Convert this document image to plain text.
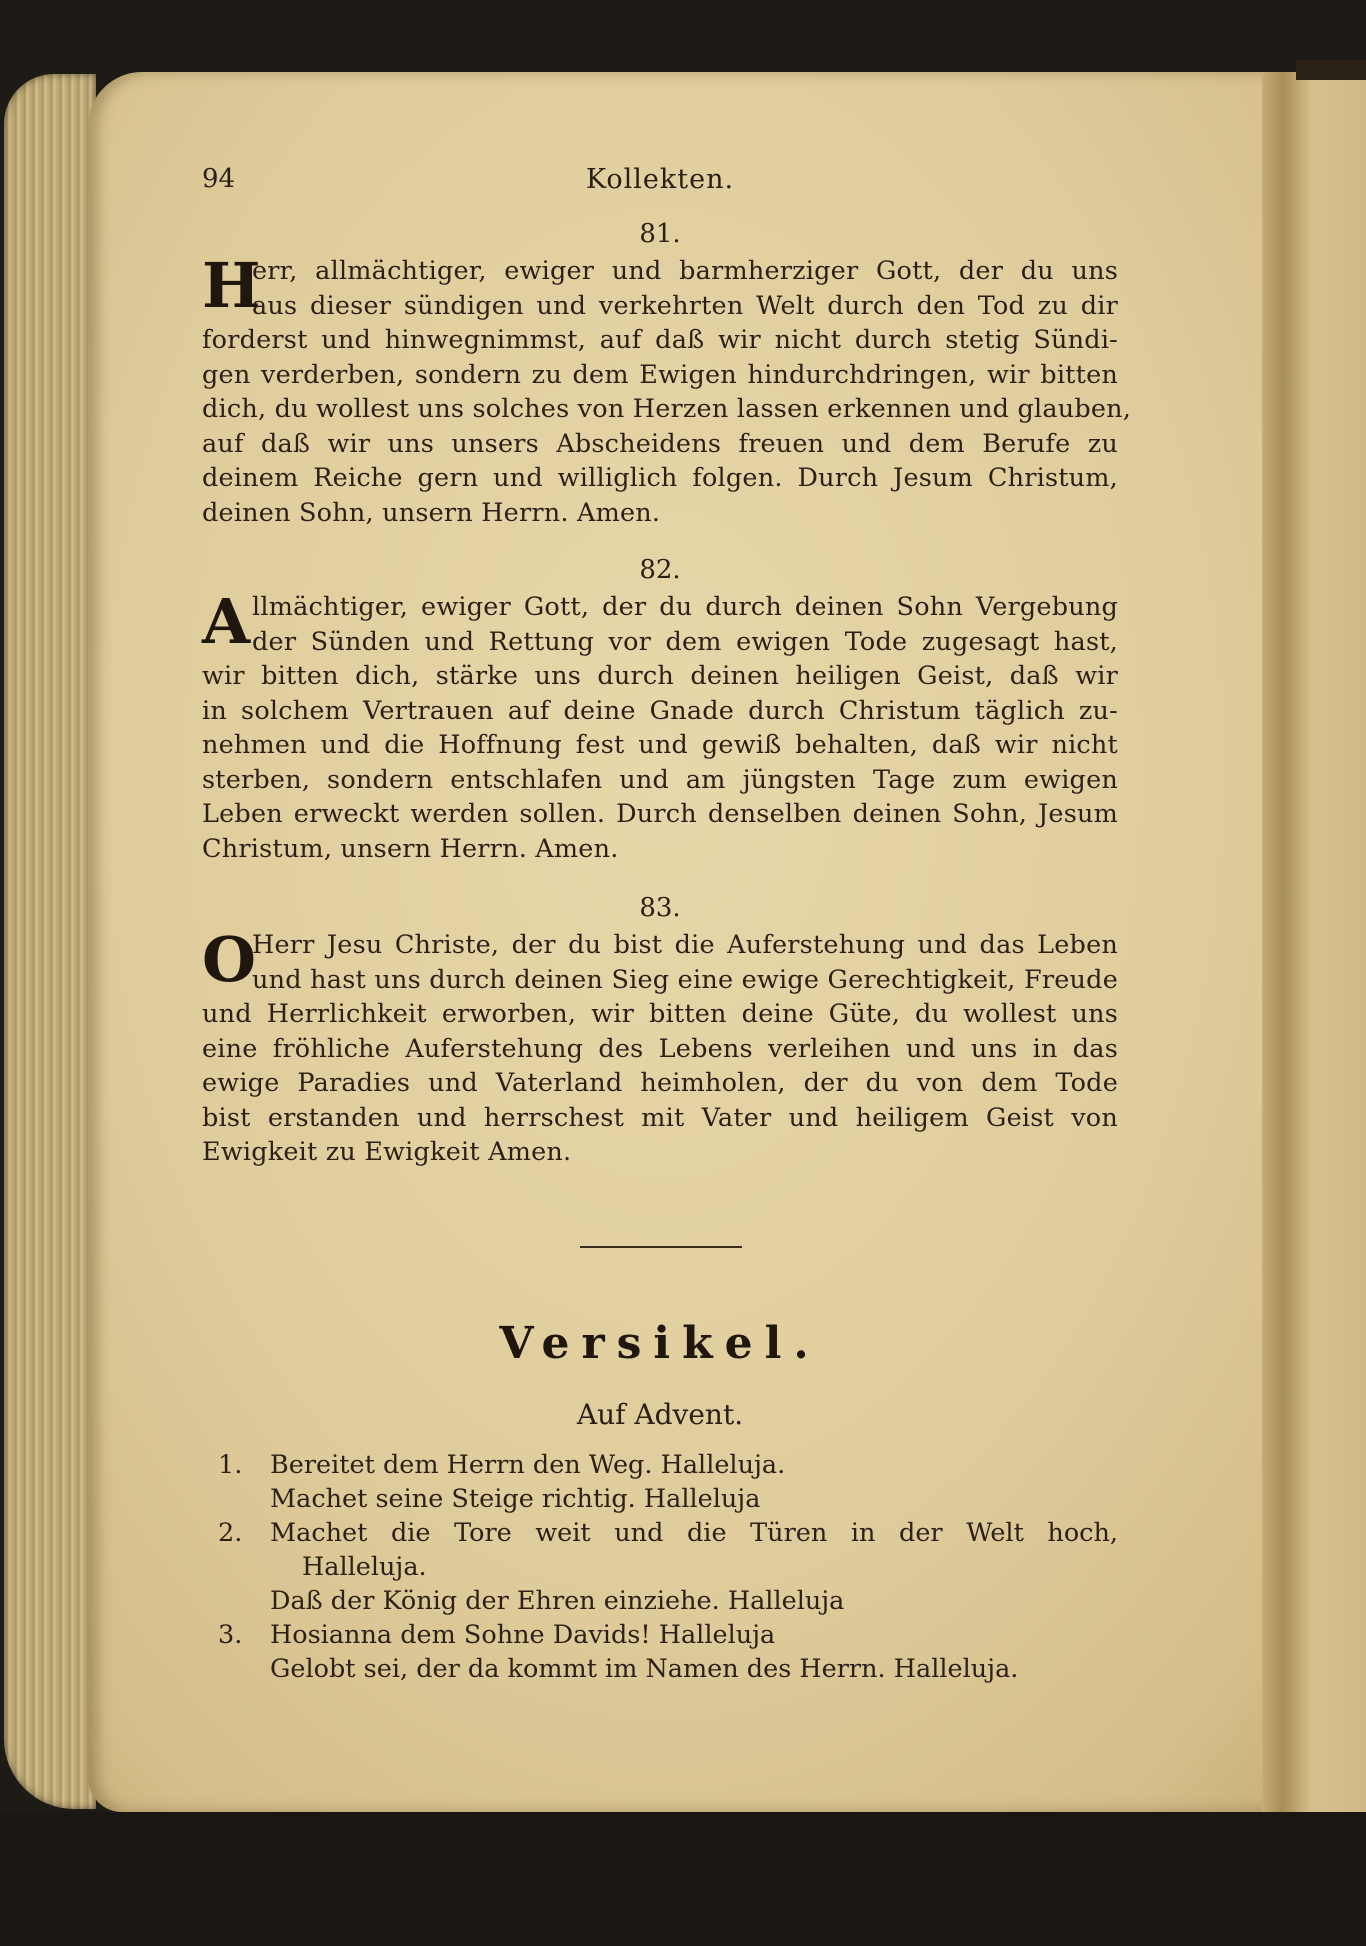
94	Kollekten.
81.
H
err, allmächtiger, ewiger und barmherziger Gott, der du uns
aus dieser sündigen und verkehrten Welt durch den Tod zu dir
forderst und hinwegnimmst, auf daß wir nicht durch stetig Sündi-
gen verderben, sondern zu dem Ewigen hindurchdringen, wir bitten
dich, du wollest uns solches von Herzen lassen erkennen und glauben,
auf daß wir uns unsers Abscheidens freuen und dem Berufe zu
deinem Reiche gern und williglich folgen. Durch Jesum Christum,
deinen Sohn, unsern Herrn. Amen.
82.
A llmächtiger, ewiger Gott, der du durch deinen Sohn Vergebung
der Sünden und Rettung vor dem ewigen Tode zugesagt hast,
wir bitten dich, stärke uns durch deinen heiligen Geist, daß wir
in solchem Vertrauen auf deine Gnade durch Christum täglich zu-
nehmen und die Hoffnung fest und gewiß behalten, daß wir nicht
sterben, sondern entschlafen und am jüngsten Tage zum ewigen
Leben erweckt werden sollen. Durch denselben deinen Sohn, Jesum
Christum, unsern Herrn. Amen.
83.
O
Herr Jesu Christe, der du bist die Auferstehung und das Leben
und hast uns durch deinen Sieg eine ewige Gerechtigkeit, Freude
und Herrlichkeit erworben, wir bitten deine Güte, du wollest uns
eine fröhliche Auferstehung des Lebens verleihen und uns in das
ewige Paradies und Vaterland heimholen, der du von dem Tode
bist erstanden und herrschest mit Vater und heiligem Geist von
Ewigkeit zu Ewigkeit Amen.
Versikel.
Auf Advent.
1.	Bereitet dem Herrn den Weg. Halleluja.
Machet seine Steige richtig. Halleluja
2.	Machet die Tore weit und die Türen in der Welt hoch,
Halleluja.
Daß der König der Ehren einziehe. Halleluja
3.	Hosianna dem Sohne Davids! Halleluja
Gelobt sei, der da kommt im Namen des Herrn. Halleluja.
